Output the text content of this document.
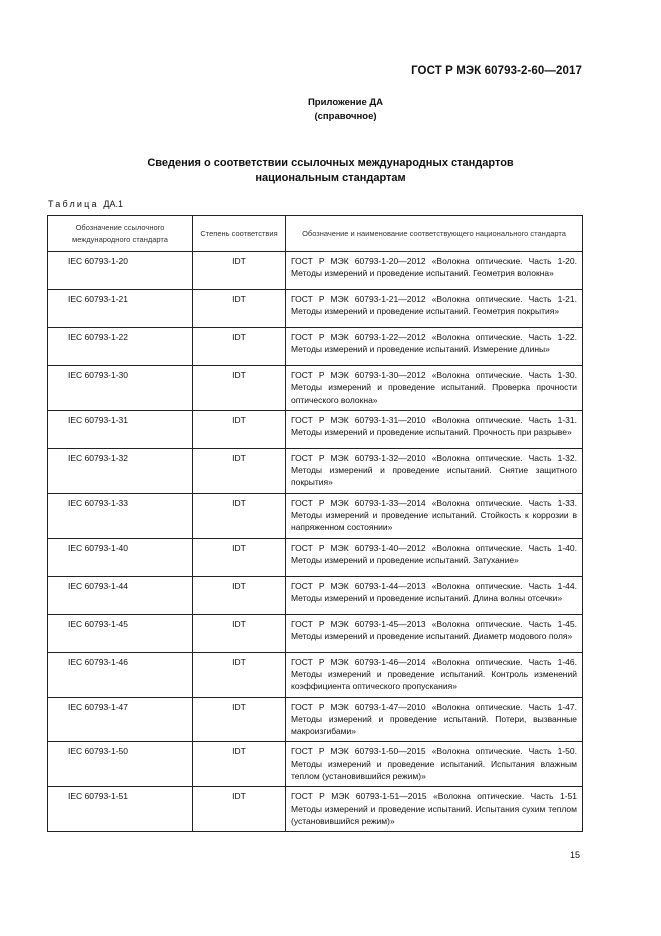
ГОСТ Р МЭК 60793-2-60—2017
Приложение ДА
(справочное)
Сведения о соответствии ссылочных международных стандартов
национальным стандартам
Таблица ДА.1
Обозначение ссылочного международного стандарта	Степень соответствия	Обозначение и наименование соответствующего национального стандарта
IEC 60793-1-20	IDT	ГОСТ Р МЭК 60793-1-20—2012 «Волокна оптические. Часть 1-20. Методы измерений и проведение испытаний. Геометрия волокна»
IEC 60793-1-21	IDT	ГОСТ Р МЭК 60793-1-21—2012 «Волокна оптические. Часть 1-21. Методы измерений и проведение испытаний. Геометрия покрытия»
IEC 60793-1-22	IDT	ГОСТ Р МЭК 60793-1-22—2012 «Волокна оптические. Часть 1-22. Методы измерений и проведение испытаний. Измерение длины»
IEC 60793-1-30	IDT	ГОСТ Р МЭК 60793-1-30—2012 «Волокна оптические. Часть 1-30. Методы измерений и проведение испытаний. Проверка прочности оптического волокна»
IEC 60793-1-31	IDT	ГОСТ Р МЭК 60793-1-31—2010 «Волокна оптические. Часть 1-31. Методы измерений и проведение испытаний. Прочность при разрыве»
IEC 60793-1-32	IDT	ГОСТ Р МЭК 60793-1-32—2010 «Волокна оптические. Часть 1-32. Методы измерений и проведение испытаний. Снятие защитного покрытия»
IEC 60793-1-33	IDT	ГОСТ Р МЭК 60793-1-33—2014 «Волокна оптические. Часть 1-33. Методы измерений и проведение испытаний. Стойкость к коррозии в напряженном состоянии»
IEC 60793-1-40	IDT	ГОСТ Р МЭК 60793-1-40—2012 «Волокна оптические. Часть 1-40. Методы измерений и проведение испытаний. Затухание»
IEC 60793-1-44	IDT	ГОСТ Р МЭК 60793-1-44—2013 «Волокна оптические. Часть 1-44. Методы измерений и проведение испытаний. Длина волны отсечки»
IEC 60793-1-45	IDT	ГОСТ Р МЭК 60793-1-45—2013 «Волокна оптические. Часть 1-45. Методы измерений и проведение испытаний. Диаметр модового поля»
IEC 60793-1-46	IDT	ГОСТ Р МЭК 60793-1-46—2014 «Волокна оптические. Часть 1-46. Методы измерений и проведение испытаний. Контроль изменений коэффициента оптического пропускания»
IEC 60793-1-47	IDT	ГОСТ Р МЭК 60793-1-47—2010 «Волокна оптические. Часть 1-47. Методы измерений и проведение испытаний. Потери, вызванные макроизгибами»
IEC 60793-1-50	IDT	ГОСТ Р МЭК 60793-1-50—2015 «Волокна оптические. Часть 1-50. Методы измерений и проведение испытаний. Испытания влажным теплом (установившийся режим)»
IEC 60793-1-51	IDT	ГОСТ Р МЭК 60793-1-51—2015 «Волокна оптические. Часть 1-51 Методы измерений и проведение испытаний. Испытания сухим теплом (установившийся режим)»
15
